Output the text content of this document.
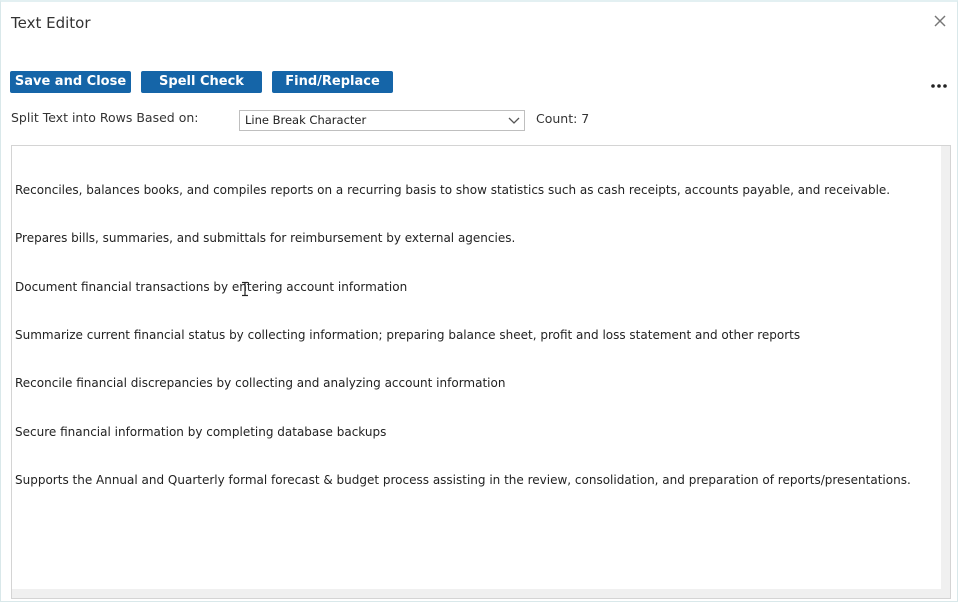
Text Editor
Save and Close	Spell Check	Find/Replace
Split Text into Rows Based on:	Line Break Character	Count: 7

Reconciles, balances books, and compiles reports on a recurring basis to show statistics such as cash receipts, accounts payable, and receivable.

Prepares bills, summaries, and submittals for reimbursement by external agencies.

Document financial transactions by entering account information

Summarize current financial status by collecting information; preparing balance sheet, profit and loss statement and other reports

Reconcile financial discrepancies by collecting and analyzing account information

Secure financial information by completing database backups

Supports the Annual and Quarterly formal forecast & budget process assisting in the review, consolidation, and preparation of reports/presentations.
